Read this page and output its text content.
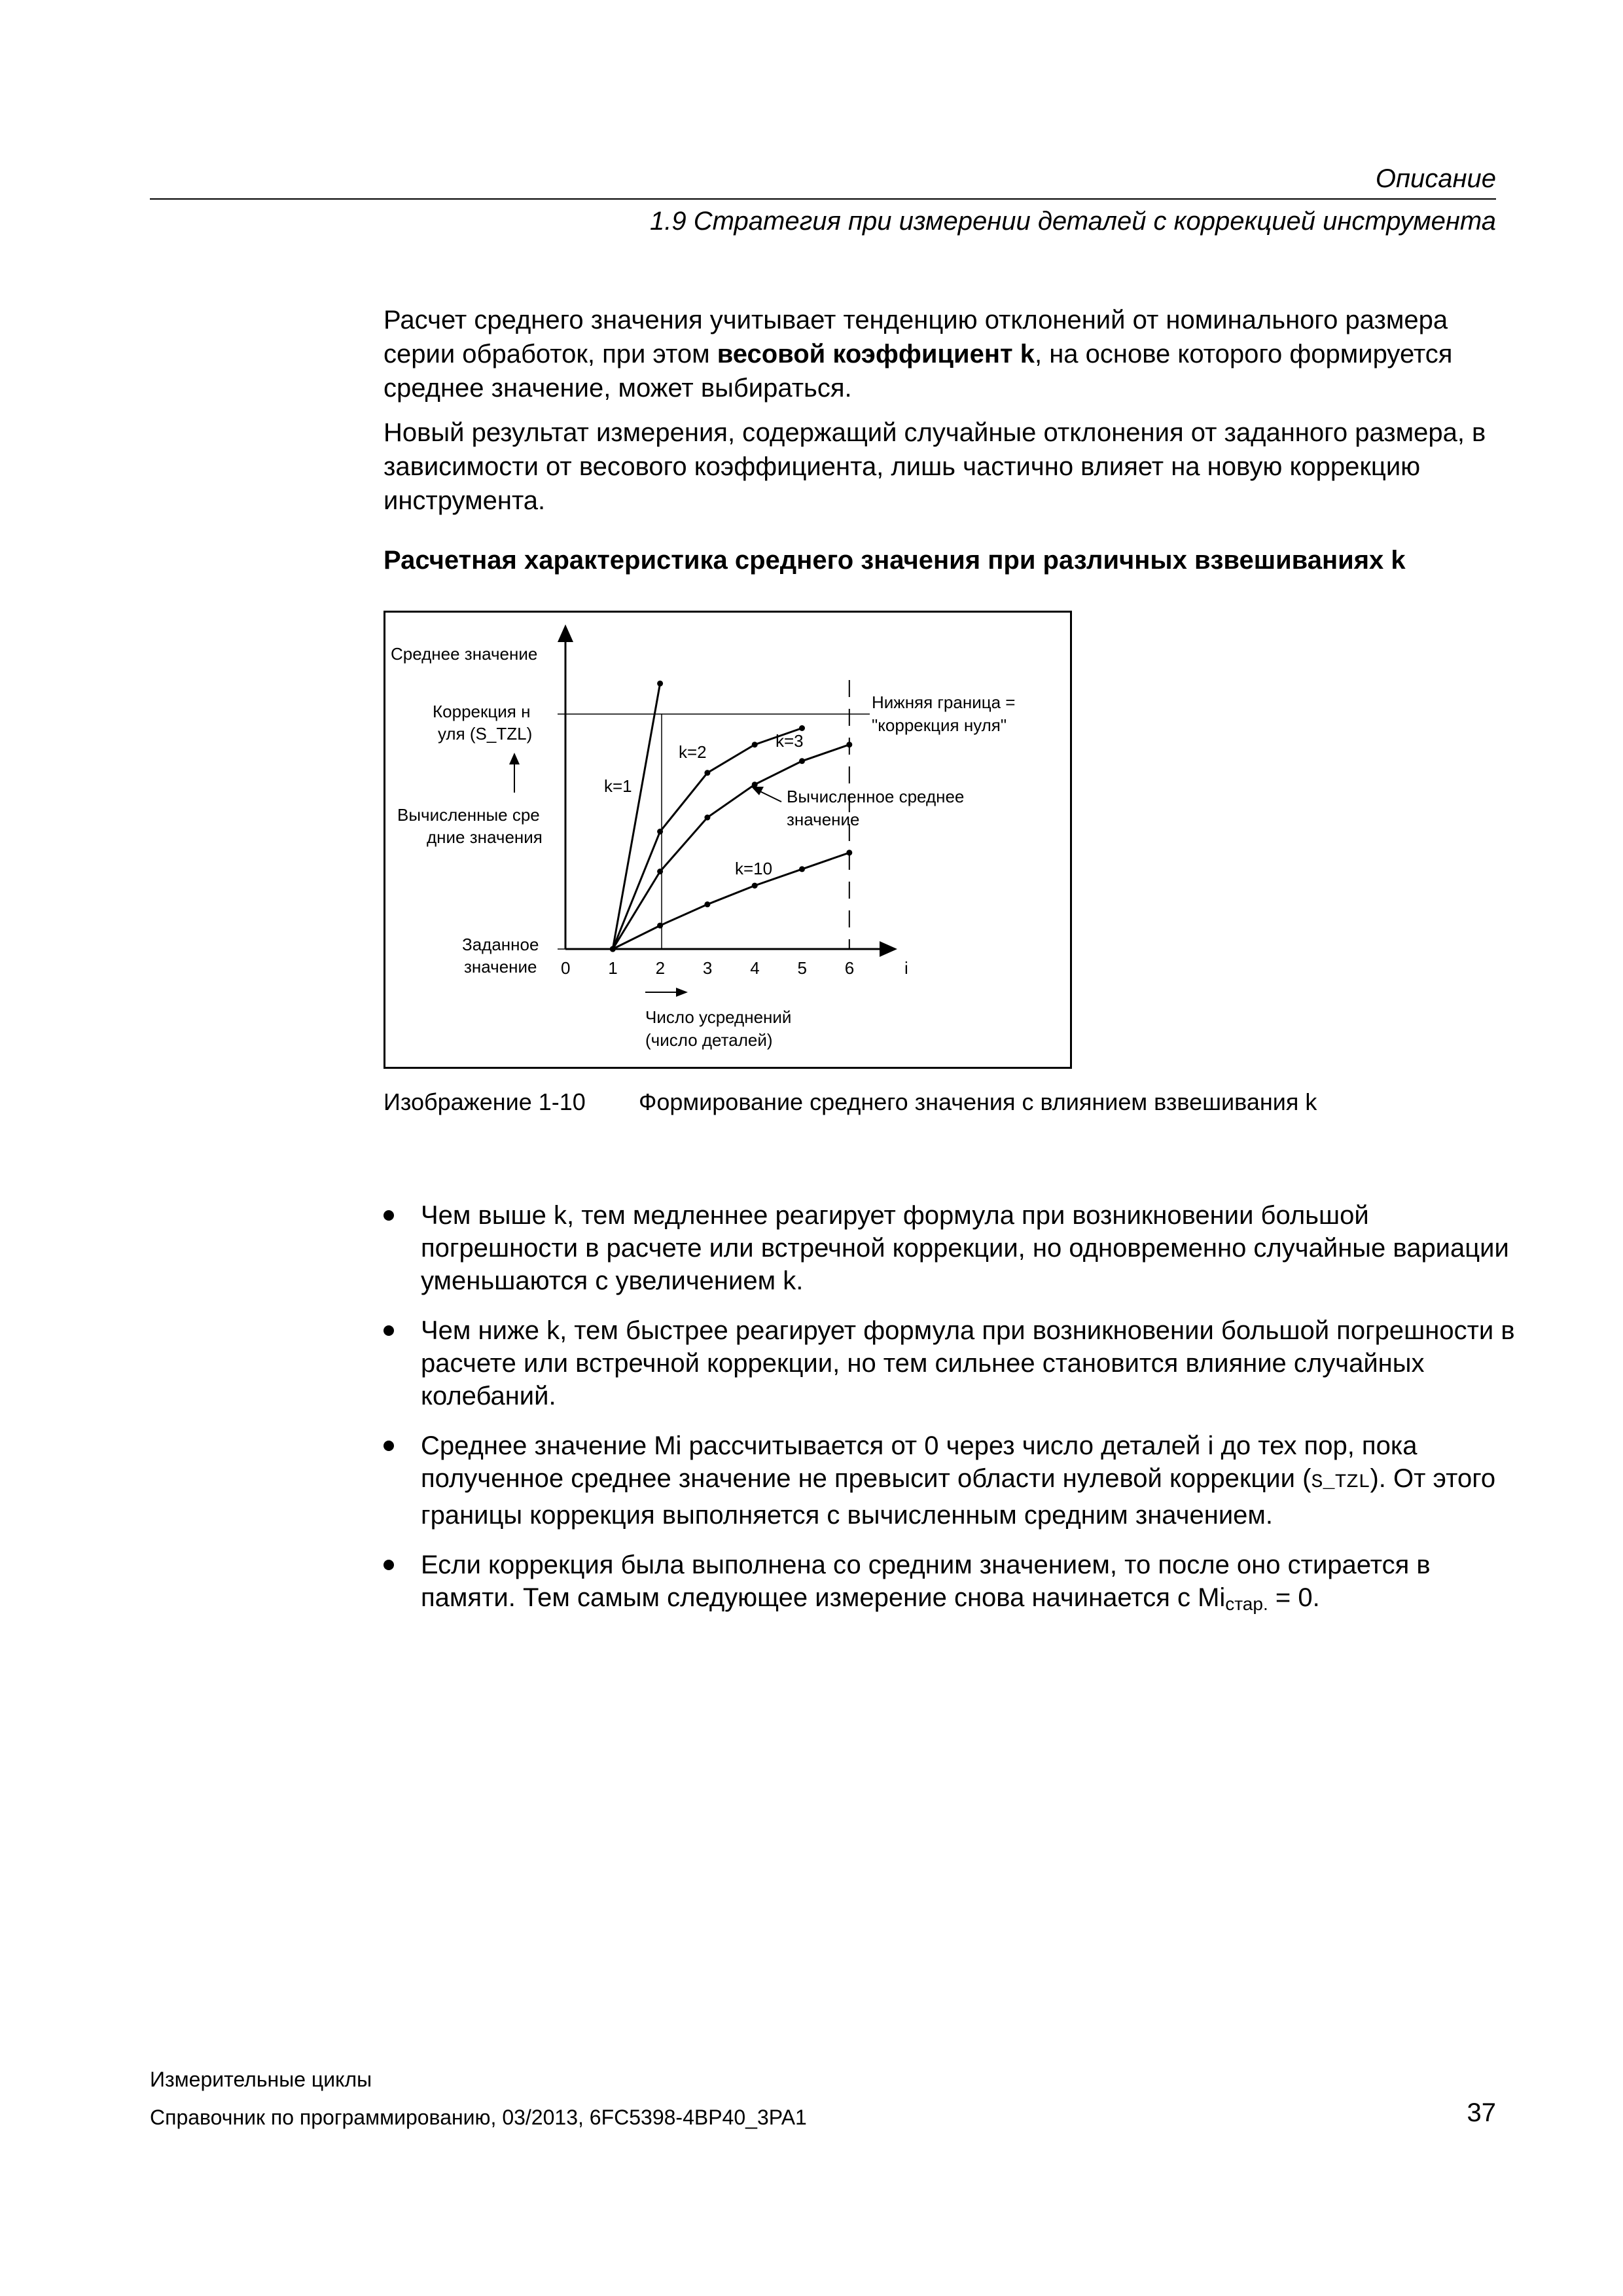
Описание
1.9 Стратегия при измерении деталей с коррекцией инструмента

Расчет среднего значения учитывает тенденцию отклонений от номинального размера серии обработок, при этом весовой коэффициент k, на основе которого формируется среднее значение, может выбираться.

Новый результат измерения, содержащий случайные отклонения от заданного размера, в зависимости от весового коэффициента, лишь частично влияет на новую коррекцию инструмента.

Расчетная характеристика среднего значения при различных взвешиваниях k
Среднее значение
Коррекция н
уля (S_TZL)
Вычисленные сре
дние значения
Заданное
значение
Нижняя граница =
"коррекция нуля"
Вычисленное среднее
значение
k=1
k=2
k=3
k=10
0 1 2 3 4 5 6	i
Число усреднений
(число деталей)
Изображение 1-10 Формирование среднего значения с влиянием взвешивания k
Чем выше k, тем медленнее реагирует формула при возникновении большой погрешности в расчете или встречной коррекции, но одновременно случайные вариации уменьшаются с увеличением k.
Чем ниже k, тем быстрее реагирует формула при возникновении большой погрешности в расчете или встречной коррекции, но тем сильнее становится влияние случайных колебаний.
Среднее значение Mi рассчитывается от 0 через число деталей i до тех пор, пока полученное среднее значение не превысит области нулевой коррекции (S_TZL). От этого границы коррекция выполняется с вычисленным средним значением.
Если коррекция была выполнена со средним значением, то после оно стирается в памяти. Тем самым следующее измерение снова начинается с $Mi_{стар.} = 0$.
Измерительные циклы
Справочник по программированию, 03/2013, 6FC5398-4BP40_3PA1	37
